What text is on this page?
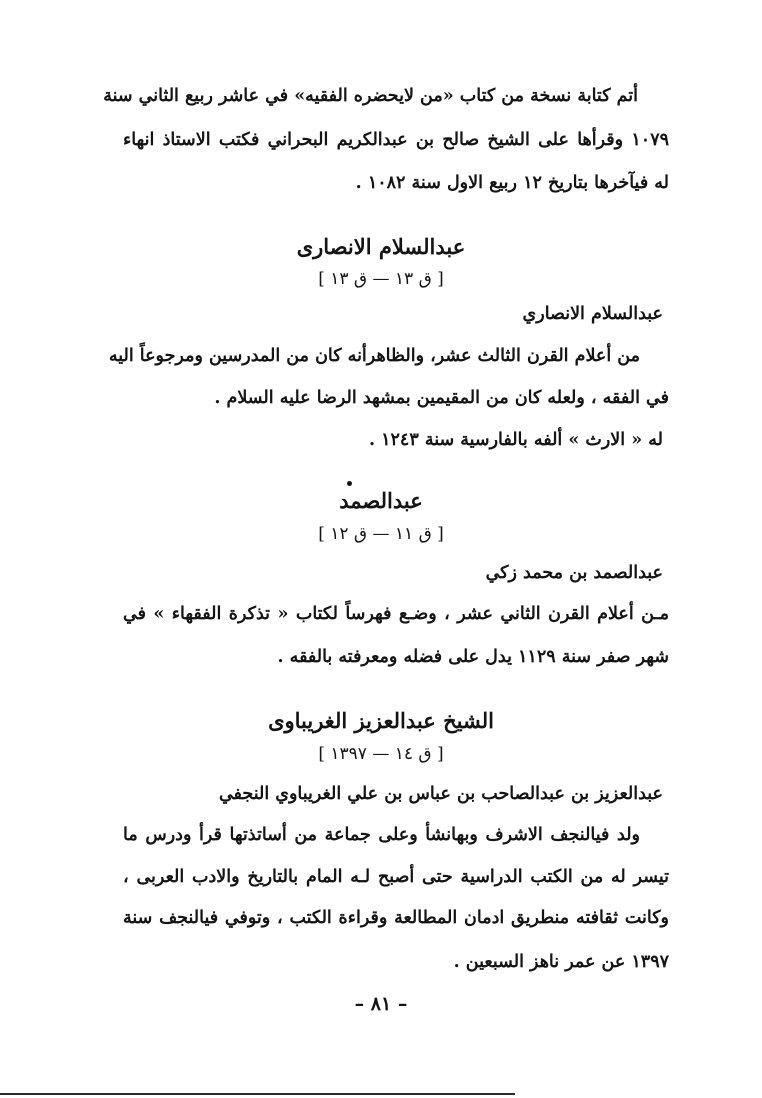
أتم كتابة نسخة من كتاب «من لايحضره الفقيه» في عاشر ربيع الثاني سنة
١٠٧٩ وقرأها على الشيخ صالح بن عبدالكريم البحراني فكتب الاستاذ انهاء
له فيآخرها بتاريخ ١٢ ربيع الاول سنة ١٠٨٢ .
عبدالسلام الانصارى
[ ق ١٣ — ق ١٣ ]
عبدالسلام الانصاري
من أعلام القرن الثالث عشر، والظاهرأنه كان من المدرسين ومرجوعاً اليه
في الفقه ، ولعله كان من المقيمين بمشهد الرضا عليه السلام .
له « الارث » ألفه بالفارسية سنة ١٢٤٣ .
عبدالصمد
[ ق ١١ — ق ١٢ ]
عبدالصمد بن محمد زكي
مـن أعلام القرن الثاني عشر ، وضـع فهرساً لكتاب « تذكرة الفقهاء » في
شهر صفر سنة ١١٢٩ يدل على فضله ومعرفته بالفقه .
الشيخ عبدالعزيز الغريباوى
[ ق ١٤ — ١٣٩٧ ]
عبدالعزيز بن عبدالصاحب بن عباس بن علي الغريباوي النجفي
ولد فيالنجف الاشرف وبهانشأ وعلى جماعة من أساتذتها قرأ ودرس ما
تيسر له من الكتب الدراسية حتى أصبح لـه المام بالتاريخ والادب العربى ،
وكانت ثقافته منطريق ادمان المطالعة وقراءة الكتب ، وتوفي فيالنجف سنة
١٣٩٧ عن عمر ناهز السبعين .
– ٨١ –
